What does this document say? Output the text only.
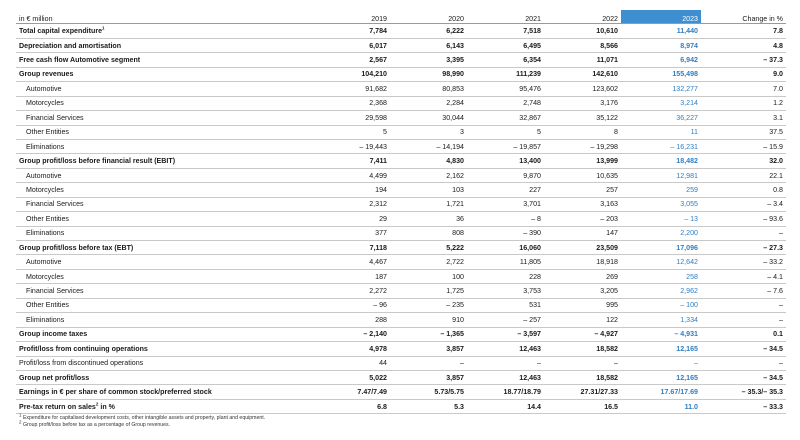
in € million	2019	2020	2021	2022	2023	Change in %
Total capital expenditure$^1$	7,784	6,222	7,518	10,610	11,440	7.8
Depreciation and amortisation	6,017	6,143	6,495	8,566	8,974	4.8
Free cash flow Automotive segment	2,567	3,395	6,354	11,071	6,942	– 37.3
Group revenues	104,210	98,990	111,239	142,610	155,498	9.0
Automotive	91,682	80,853	95,476	123,602	132,277	7.0
Motorcycles	2,368	2,284	2,748	3,176	3,214	1.2
Financial Services	29,598	30,044	32,867	35,122	36,227	3.1
Other Entities	5	3	5	8	11	37.5
Eliminations	– 19,443	– 14,194	– 19,857	– 19,298	– 16,231	– 15.9
Group profit/loss before financial result (EBIT)	7,411	4,830	13,400	13,999	18,482	32.0
Automotive	4,499	2,162	9,870	10,635	12,981	22.1
Motorcycles	194	103	227	257	259	0.8
Financial Services	2,312	1,721	3,701	3,163	3,055	– 3.4
Other Entities	29	36	– 8	– 203	– 13	– 93.6
Eliminations	377	808	– 390	147	2,200	–
Group profit/loss before tax (EBT)	7,118	5,222	16,060	23,509	17,096	– 27.3
Automotive	4,467	2,722	11,805	18,918	12,642	– 33.2
Motorcycles	187	100	228	269	258	– 4.1
Financial Services	2,272	1,725	3,753	3,205	2,962	– 7.6
Other Entities	– 96	– 235	531	995	– 100	–
Eliminations	288	910	– 257	122	1,334	–
Group income taxes	– 2,140	– 1,365	– 3,597	– 4,927	– 4,931	0.1
Profit/loss from continuing operations	4,978	3,857	12,463	18,582	12,165	– 34.5
Profit/loss from discontinued operations	44	–	–	–	–	–
Group net profit/loss	5,022	3,857	12,463	18,582	12,165	– 34.5
Earnings in € per share of common stock/preferred stock	7.47/7.49	5.73/5.75	18.77/18.79	27.31/27.33	17.67/17.69	– 35.3/– 35.3
Pre-tax return on sales$^2$ in %	6.8	5.3	14.4	16.5	11.0	– 33.3
$^1$ Expenditure for capitalised development costs, other intangible assets and property, plant and equipment.
$^2$ Group profit/loss before tax as a percentage of Group revenues.
